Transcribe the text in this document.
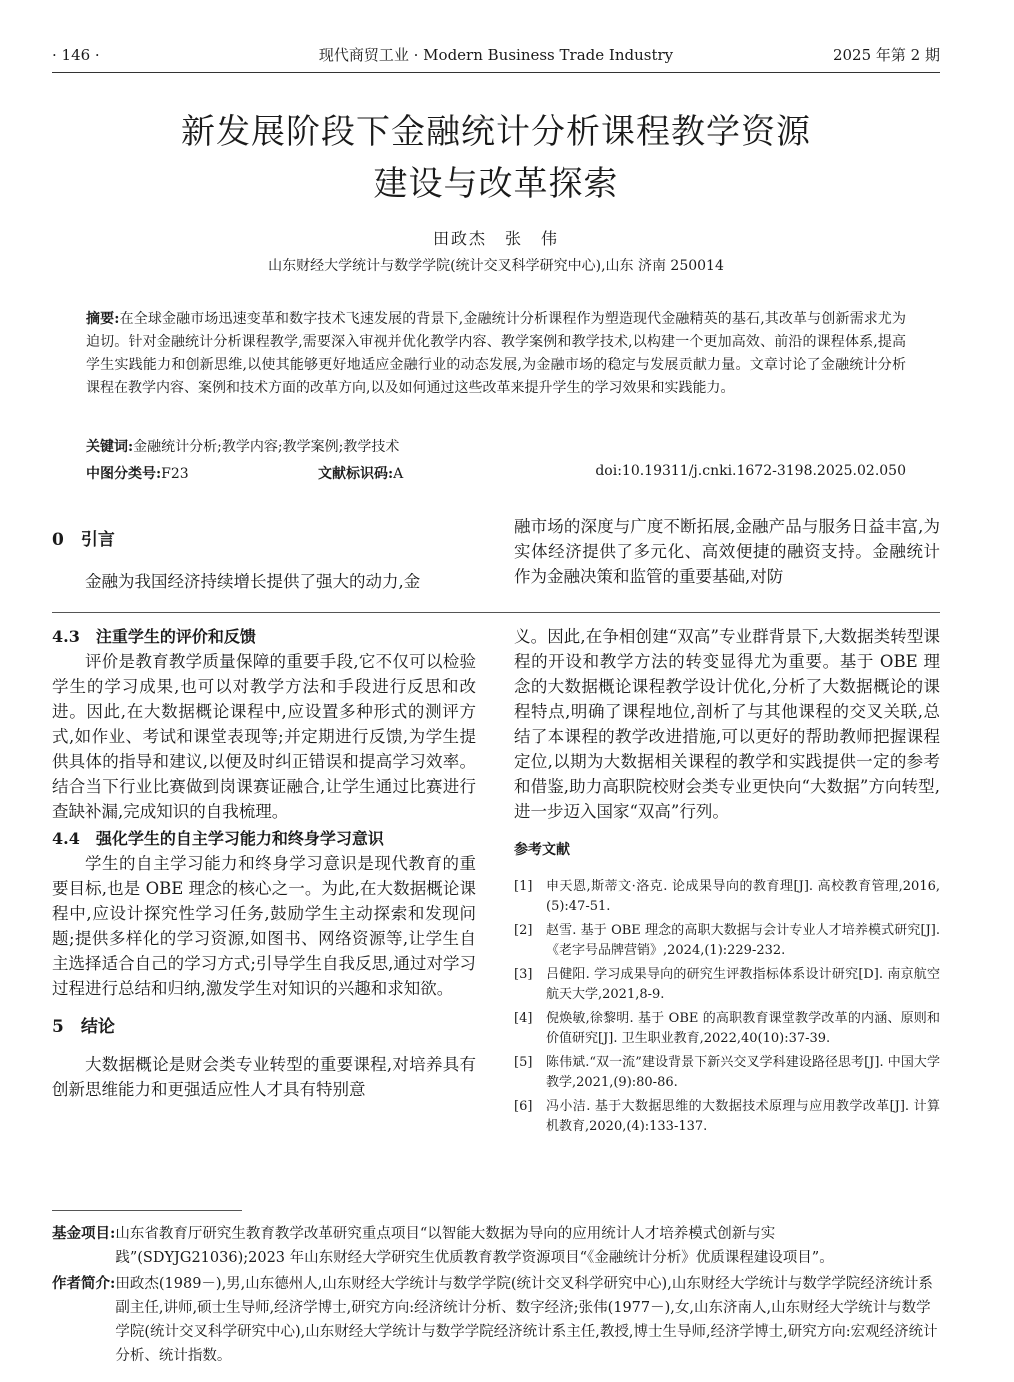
· 146 ·	现代商贸工业 · Modern Business Trade Industry	2025 年第 2 期
新发展阶段下金融统计分析课程教学资源
建设与改革探索
田政杰　张　伟
山东财经大学统计与数学学院(统计交叉科学研究中心),山东 济南 250014
摘要:在全球金融市场迅速变革和数字技术飞速发展的背景下,金融统计分析课程作为塑造现代金融精英的基石,其改革与创新需求尤为迫切。针对金融统计分析课程教学,需要深入审视并优化教学内容、教学案例和教学技术,以构建一个更加高效、前沿的课程体系,提高学生实践能力和创新思维,以使其能够更好地适应金融行业的动态发展,为金融市场的稳定与发展贡献力量。文章讨论了金融统计分析课程在教学内容、案例和技术方面的改革方向,以及如何通过这些改革来提升学生的学习效果和实践能力。
关键词:金融统计分析;教学内容;教学案例;教学技术
中图分类号:F23	文献标识码:A	doi:10.19311/j.cnki.1672-3198.2025.02.050
0　引言

金融为我国经济持续增长提供了强大的动力,金

融市场的深度与广度不断拓展,金融产品与服务日益丰富,为实体经济提供了多元化、高效便捷的融资支持。金融统计作为金融决策和监管的重要基础,对防

4.3　注重学生的评价和反馈

评价是教育教学质量保障的重要手段,它不仅可以检验学生的学习成果,也可以对教学方法和手段进行反思和改进。因此,在大数据概论课程中,应设置多种形式的测评方式,如作业、考试和课堂表现等;并定期进行反馈,为学生提供具体的指导和建议,以便及时纠正错误和提高学习效率。结合当下行业比赛做到岗课赛证融合,让学生通过比赛进行查缺补漏,完成知识的自我梳理。

4.4　强化学生的自主学习能力和终身学习意识

学生的自主学习能力和终身学习意识是现代教育的重要目标,也是 OBE 理念的核心之一。为此,在大数据概论课程中,应设计探究性学习任务,鼓励学生主动探索和发现问题;提供多样化的学习资源,如图书、网络资源等,让学生自主选择适合自己的学习方式;引导学生自我反思,通过对学习过程进行总结和归纳,激发学生对知识的兴趣和求知欲。

5　结论

大数据概论是财会类专业转型的重要课程,对培养具有创新思维能力和更强适应性人才具有特别意

义。因此,在争相创建“双高”专业群背景下,大数据类转型课程的开设和教学方法的转变显得尤为重要。基于 OBE 理念的大数据概论课程教学设计优化,分析了大数据概论的课程特点,明确了课程地位,剖析了与其他课程的交叉关联,总结了本课程的教学改进措施,可以更好的帮助教师把握课程定位,以期为大数据相关课程的教学和实践提供一定的参考和借鉴,助力高职院校财会类专业更快向“大数据”方向转型,进一步迈入国家“双高”行列。

参考文献
[1] 申天恩,斯蒂文·洛克. 论成果导向的教育理[J]. 高校教育管理,2016,(5):47-51.
[2] 赵雪. 基于 OBE 理念的高职大数据与会计专业人才培养模式研究[J].《老字号品牌营销》,2024,(1):229-232.
[3] 吕健阳. 学习成果导向的研究生评教指标体系设计研究[D]. 南京航空航天大学,2021,8-9.
[4] 倪焕敏,徐黎明. 基于 OBE 的高职教育课堂教学改革的内涵、原则和价值研究[J]. 卫生职业教育,2022,40(10):37-39.
[5] 陈伟斌.“双一流”建设背景下新兴交叉学科建设路径思考[J]. 中国大学教学,2021,(9):80-86.
[6] 冯小洁. 基于大数据思维的大数据技术原理与应用教学改革[J]. 计算机教育,2020,(4):133-137.
基金项目: 山东省教育厅研究生教育教学改革研究重点项目“以智能大数据为导向的应用统计人才培养模式创新与实践”(SDYJG21036);2023 年山东财经大学研究生优质教育教学资源项目“《金融统计分析》优质课程建设项目”。
作者简介: 田政杰(1989－),男,山东德州人,山东财经大学统计与数学学院(统计交叉科学研究中心),山东财经大学统计与数学学院经济统计系副主任,讲师,硕士生导师,经济学博士,研究方向:经济统计分析、数字经济;张伟(1977－),女,山东济南人,山东财经大学统计与数学学院(统计交叉科学研究中心),山东财经大学统计与数学学院经济统计系主任,教授,博士生导师,经济学博士,研究方向:宏观经济统计分析、统计指数。
